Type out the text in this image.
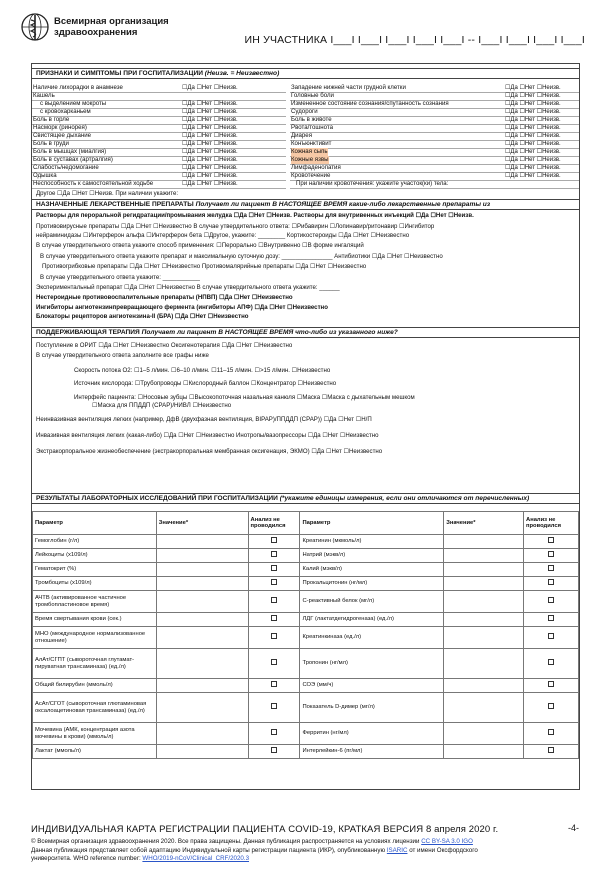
Всемирная организация
здравоохранения
ИН УЧАСТНИКА I___I I___I I___I I___I I___I -- I___I I___I I___I I___I
ПРИЗНАКИ И СИМПТОМЫ ПРИ ГОСПИТАЛИЗАЦИИ (Неизв. = Неизвестно)
Наличие лихорадки в анамнезе	☐Да ☐Нет ☐Неизв.	Западение нижней части грудной клетки	☐Да ☐Нет ☐Неизв.
Кашель	Головные боли	☐Да ☐Нет ☐Неизв.
с выделением мокроты	☐Да ☐Нет ☐Неизв.	Измененное состояние сознания/спутанность сознания	☐Да ☐Нет ☐Неизв.
с кровохарканьем	☐Да ☐Нет ☐Неизв.	Судороги	☐Да ☐Нет ☐Неизв.
Боль в горле	☐Да ☐Нет ☐Неизв.	Боль в животе	☐Да ☐Нет ☐Неизв.
Насморк (ринорея)	☐Да ☐Нет ☐Неизв.	Рвота/тошнота	☐Да ☐Нет ☐Неизв.
Свистящее дыхание	☐Да ☐Нет ☐Неизв.	Диарея	☐Да ☐Нет ☐Неизв.
Боль в груди	☐Да ☐Нет ☐Неизв.	Конъюнктивит	☐Да ☐Нет ☐Неизв.
Боль в мышцах (миалгия)	☐Да ☐Нет ☐Неизв.	Кожная сыпь	☐Да ☐Нет ☐Неизв.
Боль в суставах (артралгия)	☐Да ☐Нет ☐Неизв.	Кожные язвы	☐Да ☐Нет ☐Неизв.
Слабость/недомогание	☐Да ☐Нет ☐Неизв.	Лимфаденопатия	☐Да ☐Нет ☐Неизв.
Одышка	☐Да ☐Нет ☐Неизв.	Кровотечение	☐Да ☐Нет ☐Неизв.
Неспособность к самостоятельной ходьбе	☐Да ☐Нет ☐Неизв.	При наличии кровотечения: укажите участок(ки) тела:
Другое ☐Да ☐Нет ☐Неизв. При наличии укажите:
НАЗНАЧЕННЫЕ ЛЕКАРСТВЕННЫЕ ПРЕПАРАТЫ Получает ли пациент В НАСТОЯЩЕЕ ВРЕМЯ какие-либо лекарственные препараты из
Растворы для пероральной регидратации/промывания желудка ☐Да ☐Нет ☐Неизв. Растворы для внутривенных инъекций ☐Да ☐Нет ☐Неизв.
Противовирусные препараты ☐Да ☐Нет ☐Неизвестно В случае утвердительного ответа: ☐Рибавирин ☐Лопинавир/ритонавир ☐Ингибитор
нейраминидазы ☐Интерферон альфа ☐Интерферон бета ☐Другое, укажите: ________ Кортикостероиды ☐Да ☐Нет ☐Неизвестно
В случае утвердительного ответа укажите способ применения: ☐Перорально ☐Внутривенно ☐В форме ингаляций
В случае утвердительного ответа укажите препарат и максимальную суточную дозу: _______________ Антибиотики ☐Да ☐Нет ☐Неизвестно
Противогрибковые препараты ☐Да ☐Нет ☐Неизвестно Противомалярийные препараты ☐Да ☐Нет ☐Неизвестно
В случае утвердительного ответа укажите: ___________
Экспериментальный препарат ☐Да ☐Нет ☐Неизвестно В случае утвердительного ответа укажите: ______
Нестероидные противовоспалительные препараты (НПВП) ☐Да ☐Нет ☐Неизвестно
Ингибиторы ангиотензинпревращающего фермента (ингибиторы АПФ) ☐Да ☐Нет ☐Неизвестно
Блокаторы рецепторов ангиотензина-II (БРА) ☐Да ☐Нет ☐Неизвестно
ПОДДЕРЖИВАЮЩАЯ ТЕРАПИЯ Получает ли пациент В НАСТОЯЩЕЕ ВРЕМЯ что-либо из указанного ниже?
Поступление в ОРИТ ☐Да ☐Нет ☐Неизвестно Оксигенотерапия ☐Да ☐Нет ☐Неизвестно
В случае утвердительного ответа заполните все графы ниже
Скорость потока O2: ☐1–5 л/мин. ☐6–10 л/мин. ☐11–15 л/мин. ☐>15 л/мин. ☐Неизвестно
Источник кислорода: ☐Трубопроводы ☐Кислородный баллон ☐Концентратор ☐Неизвестно
Интерфейс пациента: ☐Носовые зубцы ☐Высокопоточная назальная канюля ☐Маска ☐Маска с дыхательным мешком
☐Маска для ППДДП (CPAP)/НИВЛ ☐Неизвестно
Неинвазивная вентиляция легких (например, ДфВ (двухфазная вентиляция, BIPAP)/ППДДП (CPAP)) ☐Да ☐Нет ☐Н/П
Инвазивная вентиляция легких (какая-либо) ☐Да ☐Нет ☐Неизвестно Инотропы/вазопрессоры ☐Да ☐Нет ☐Неизвестно
Экстракорпоральное жизнеобеспечение (экстракорпоральная мембранная оксигенация, ЭКМО) ☐Да ☐Нет ☐Неизвестно
РЕЗУЛЬТАТЫ ЛАБОРАТОРНЫХ ИССЛЕДОВАНИЙ ПРИ ГОСПИТАЛИЗАЦИИ (*укажите единицы измерения, если они отличаются от перечисленных)
Параметр	Значение*	Анализ не проводился	Параметр	Значение*	Анализ не проводился
Гемоглобин (г/л)			Креатинин (мкмоль/л)		
Лейкоциты (x109/л)			Натрий (мэкв/л)		
Гематокрит (%)			Калий (мэкв/л)		
Тромбоциты (x109/л)			Прокальцитонин (нг/мл)		
АЧТВ (активированное частичное тромбопластиновое время)			С-реактивный белок (мг/л)		
Время свертывания крови (сек.)			ЛДГ (лактатдегидрогеназа) (ед./л)		
МНО (международное нормализованное отношение)			Креатинкиназа (ед./л)		
АлАт/СГПТ (сывороточная глутамат-пируватная трансаминаза) (ед./л)			Тропонин (нг/мл)		
Общий билирубин (ммоль/л)			СОЭ (мм/ч)		
АсАт/СГОТ (сывороточная глютаминовая оксалоацетиновая трансаминаза) (ед./л)			Показатель D-димер (мг/л)		
Мочевина (АМК, концентрация азота мочевины в крови) (ммоль/л)			Ферритин (нг/мл)		
Лактат (ммоль/л)			Интерлейкин-6 (пг/мл)		
ИНДИВИДУАЛЬНАЯ КАРТА РЕГИСТРАЦИИ ПАЦИЕНТА COVID-19, КРАТКАЯ ВЕРСИЯ 8 апреля 2020 г.	-4-
© Всемирная организация здравоохранения 2020. Все права защищены. Данная публикация распространяется на условиях лицензии CC BY-SA 3.0 IGO
Данная публикация представляет собой адаптацию Индивидуальной карты регистрации пациента (ИКР), опубликованную ISARIC от имени Оксфордского
университета. WHO reference number: WHO/2019-nCoV/Clinical_CRF/2020.3
